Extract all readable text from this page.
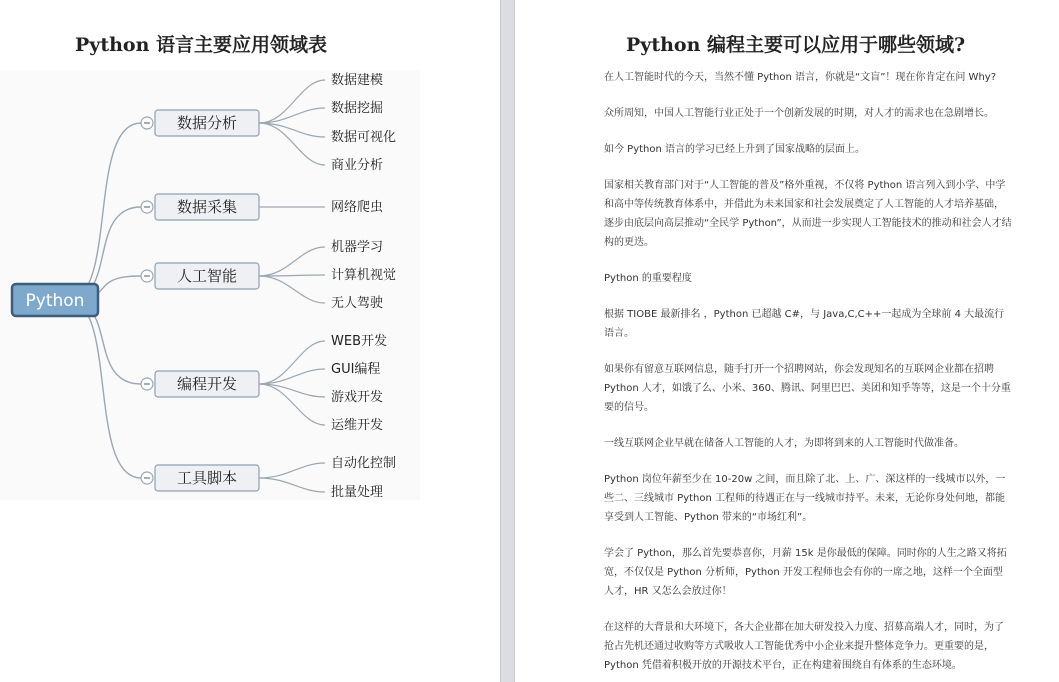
Python 语言主要应用领域表
数据分析
数据建模
数据挖掘
数据可视化
商业分析
数据采集	网络爬虫
人工智能
机器学习
计算机视觉
无人驾驶
编程开发
WEB开发
GUI编程
游戏开发
运维开发
工具脚本
自动化控制
批量处理
Python
Python 编程主要可以应用于哪些领域?

在人工智能时代的今天，当然不懂 Python 语言，你就是“文盲”！现在你肯定在问 Why?

众所周知，中国人工智能行业正处于一个创新发展的时期，对人才的需求也在急剧增长。

如今 Python 语言的学习已经上升到了国家战略的层面上。

国家相关教育部门对于“人工智能的普及”格外重视，不仅将 Python 语言列入到小学、中学和高中等传统教育体系中，并借此为未来国家和社会发展奠定了人工智能的人才培养基础，逐步由底层向高层推动“全民学 Python”，从而进一步实现人工智能技术的推动和社会人才结构的更迭。

Python 的重要程度

根据 TIOBE 最新排名 ，Python 已超越 C#，与 Java,C,C++一起成为全球前 4 大最流行语言。

如果你有留意互联网信息，随手打开一个招聘网站，你会发现知名的互联网企业都在招聘 Python 人才，如饿了么、小米、360、腾讯、阿里巴巴、美团和知乎等等，这是一个十分重要的信号。

一线互联网企业早就在储备人工智能的人才，为即将到来的人工智能时代做准备。

Python 岗位年薪至少在 10-20w 之间，而且除了北、上、广、深这样的一线城市以外，一些二、三线城市 Python 工程师的待遇正在与一线城市持平。未来，无论你身处何地，都能享受到人工智能、Python 带来的“市场红利”。

学会了 Python，那么首先要恭喜你，月薪 15k 是你最低的保障。同时你的人生之路又将拓宽，不仅仅是 Python 分析师，Python 开发工程师也会有你的一席之地，这样一个全面型人才，HR 又怎么会放过你！

在这样的大背景和大环境下，各大企业都在加大研发投入力度、招募高端人才，同时，为了抢占先机还通过收购等方式吸收人工智能优秀中小企业来提升整体竞争力。更重要的是，Python 凭借着积极开放的开源技术平台，正在构建着围绕自有体系的生态环境。
